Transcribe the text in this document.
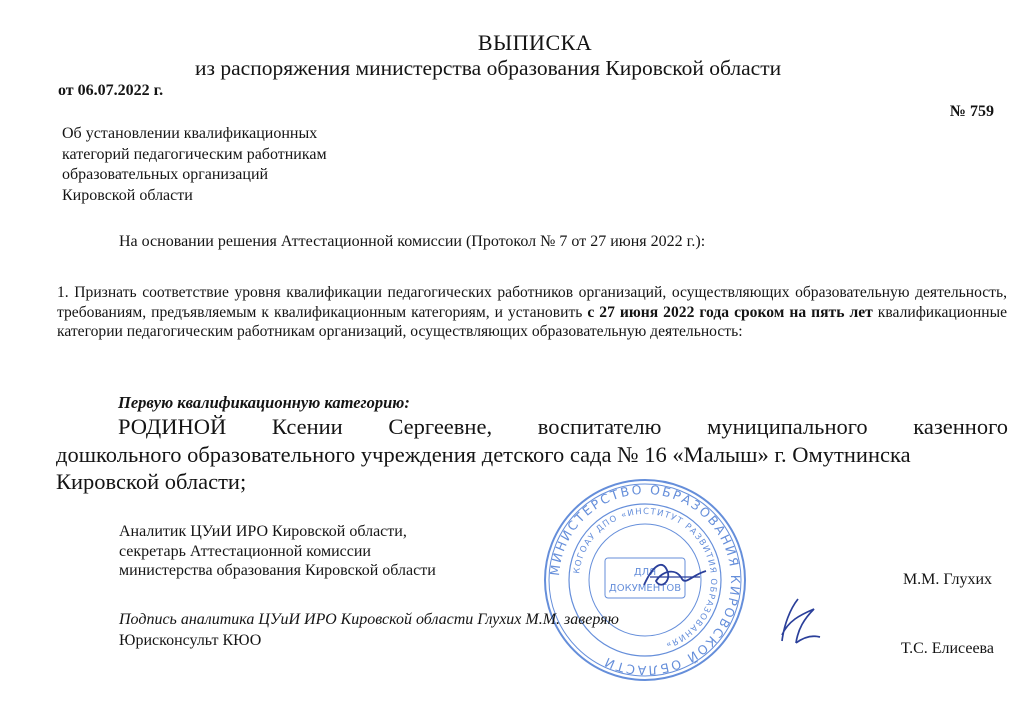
ВЫПИСКА
из распоряжения министерства образования Кировской области
от 06.07.2022 г.
№ 759
Об установлении квалификационных
категорий педагогическим работникам
образовательных организаций
Кировской области
На основании решения Аттестационной комиссии (Протокол № 7 от 27 июня 2022 г.):
1. Признать соответствие уровня квалификации педагогических работников организаций, осуществляющих образовательную деятельность, требованиям, предъявляемым к квалификационным категориям, и установить с 27 июня 2022 года сроком на пять лет квалификационные категории педагогическим работникам организаций, осуществляющих образовательную деятельность:
Первую квалификационную категорию:
РОДИНОЙ Ксении Сергеевне, воспитателю муниципального казенного
дошкольного образовательного учреждения детского сада № 16 «Малыш» г. Омутнинска
Кировской области;
МИНИСТЕРСТВО ОБРАЗОВАНИЯ КИРОВСКОЙ ОБЛАСТИ
КОГОАУ ДПО «ИНСТИТУТ РАЗВИТИЯ ОБРАЗОВАНИЯ»
ДЛЯ
ДОКУМЕНТОВ
Аналитик ЦУиИ ИРО Кировской области,
секретарь Аттестационной комиссии
министерства образования Кировской области
М.М. Глухих
Подпись аналитика ЦУиИ ИРО Кировской области Глухих М.М. заверяю
Юрисконсульт КЮО	Т.С. Елисеева
